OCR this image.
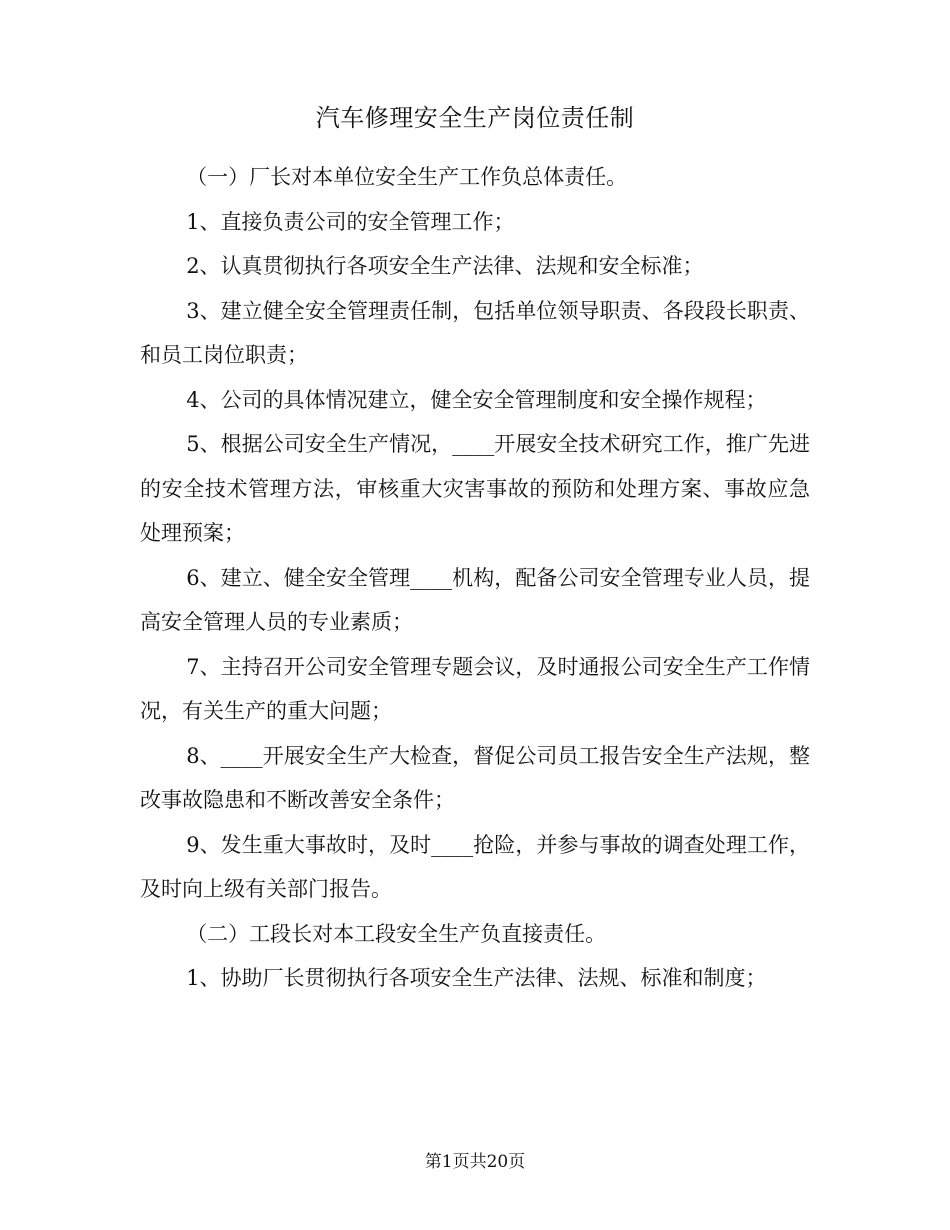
汽车修理安全生产岗位责任制

（一）厂长对本单位安全生产工作负总体责任。

1、直接负责公司的安全管理工作；

2、认真贯彻执行各项安全生产法律、法规和安全标准；

3、建立健全安全管理责任制，包括单位领导职责、各段段长职责、和员工岗位职责；

4、公司的具体情况建立，健全安全管理制度和安全操作规程；

5、根据公司安全生产情况，____开展安全技术研究工作，推广先进的安全技术管理方法，审核重大灾害事故的预防和处理方案、事故应急处理预案；

6、建立、健全安全管理____机构，配备公司安全管理专业人员，提高安全管理人员的专业素质；

7、主持召开公司安全管理专题会议，及时通报公司安全生产工作情况，有关生产的重大问题；

8、____开展安全生产大检查，督促公司员工报告安全生产法规，整改事故隐患和不断改善安全条件；

9、发生重大事故时，及时____抢险，并参与事故的调查处理工作，及时向上级有关部门报告。

（二）工段长对本工段安全生产负直接责任。

1、协助厂长贯彻执行各项安全生产法律、法规、标准和制度；

第1页共20页
